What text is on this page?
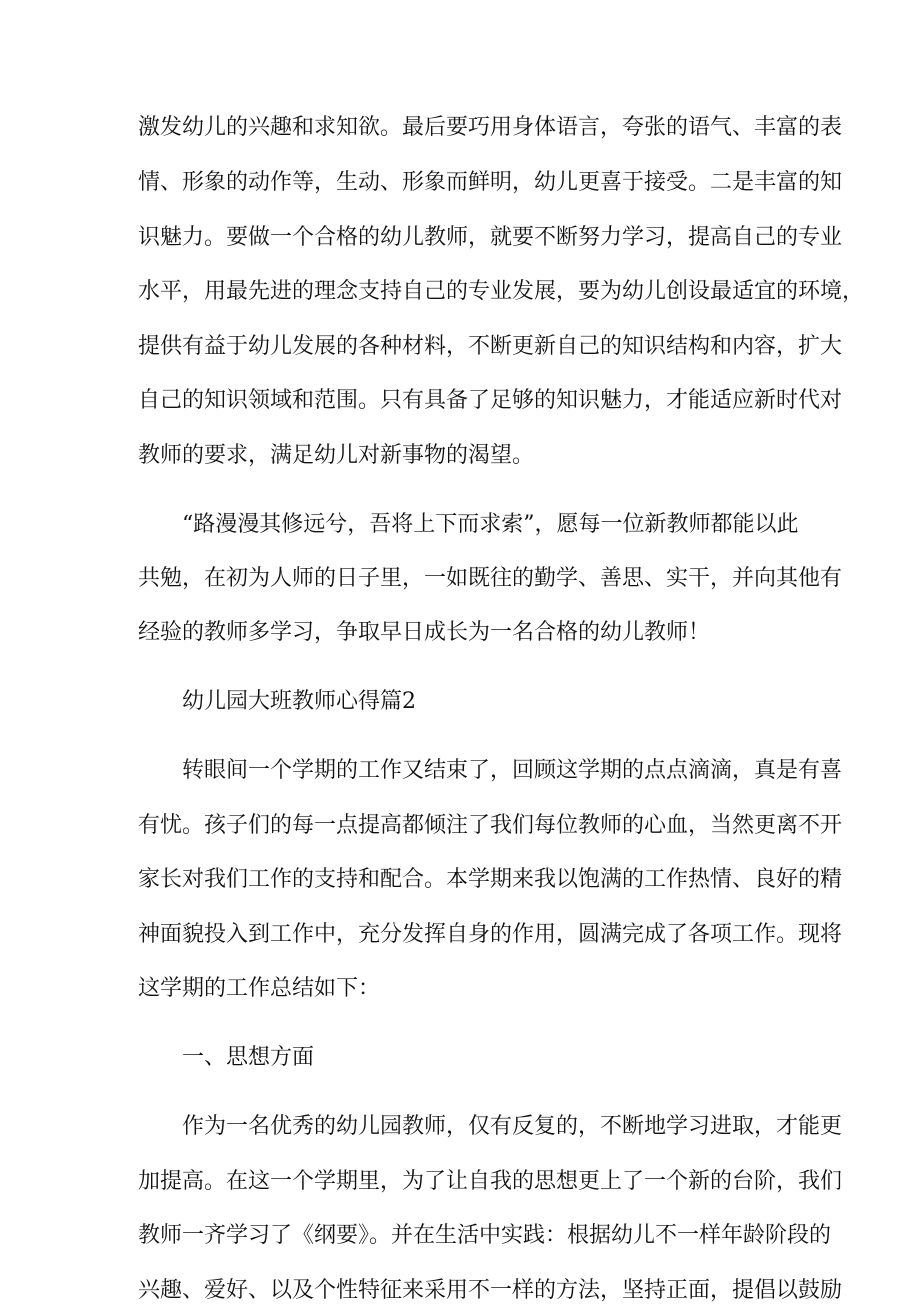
激发幼儿的兴趣和求知欲。最后要巧用身体语言，夸张的语气、丰富的表
情、形象的动作等，生动、形象而鲜明，幼儿更喜于接受。二是丰富的知
识魅力。要做一个合格的幼儿教师，就要不断努力学习，提高自己的专业
水平，用最先进的理念支持自己的专业发展，要为幼儿创设最适宜的环境，
提供有益于幼儿发展的各种材料，不断更新自己的知识结构和内容，扩大
自己的知识领域和范围。只有具备了足够的知识魅力，才能适应新时代对
教师的要求，满足幼儿对新事物的渴望。
“路漫漫其修远兮，吾将上下而求索”，愿每一位新教师都能以此
共勉，在初为人师的日子里，一如既往的勤学、善思、实干，并向其他有
经验的教师多学习，争取早日成长为一名合格的幼儿教师！
幼儿园大班教师心得篇2
转眼间一个学期的工作又结束了，回顾这学期的点点滴滴，真是有喜
有忧。孩子们的每一点提高都倾注了我们每位教师的心血，当然更离不开
家长对我们工作的支持和配合。本学期来我以饱满的工作热情、良好的精
神面貌投入到工作中，充分发挥自身的作用，圆满完成了各项工作。现将
这学期的工作总结如下：
一、思想方面
作为一名优秀的幼儿园教师，仅有反复的，不断地学习进取，才能更
加提高。在这一个学期里，为了让自我的思想更上了一个新的台阶，我们
教师一齐学习了《纲要》。并在生活中实践：根据幼儿不一样年龄阶段的
兴趣、爱好、以及个性特征来采用不一样的方法，坚持正面，提倡以鼓励
